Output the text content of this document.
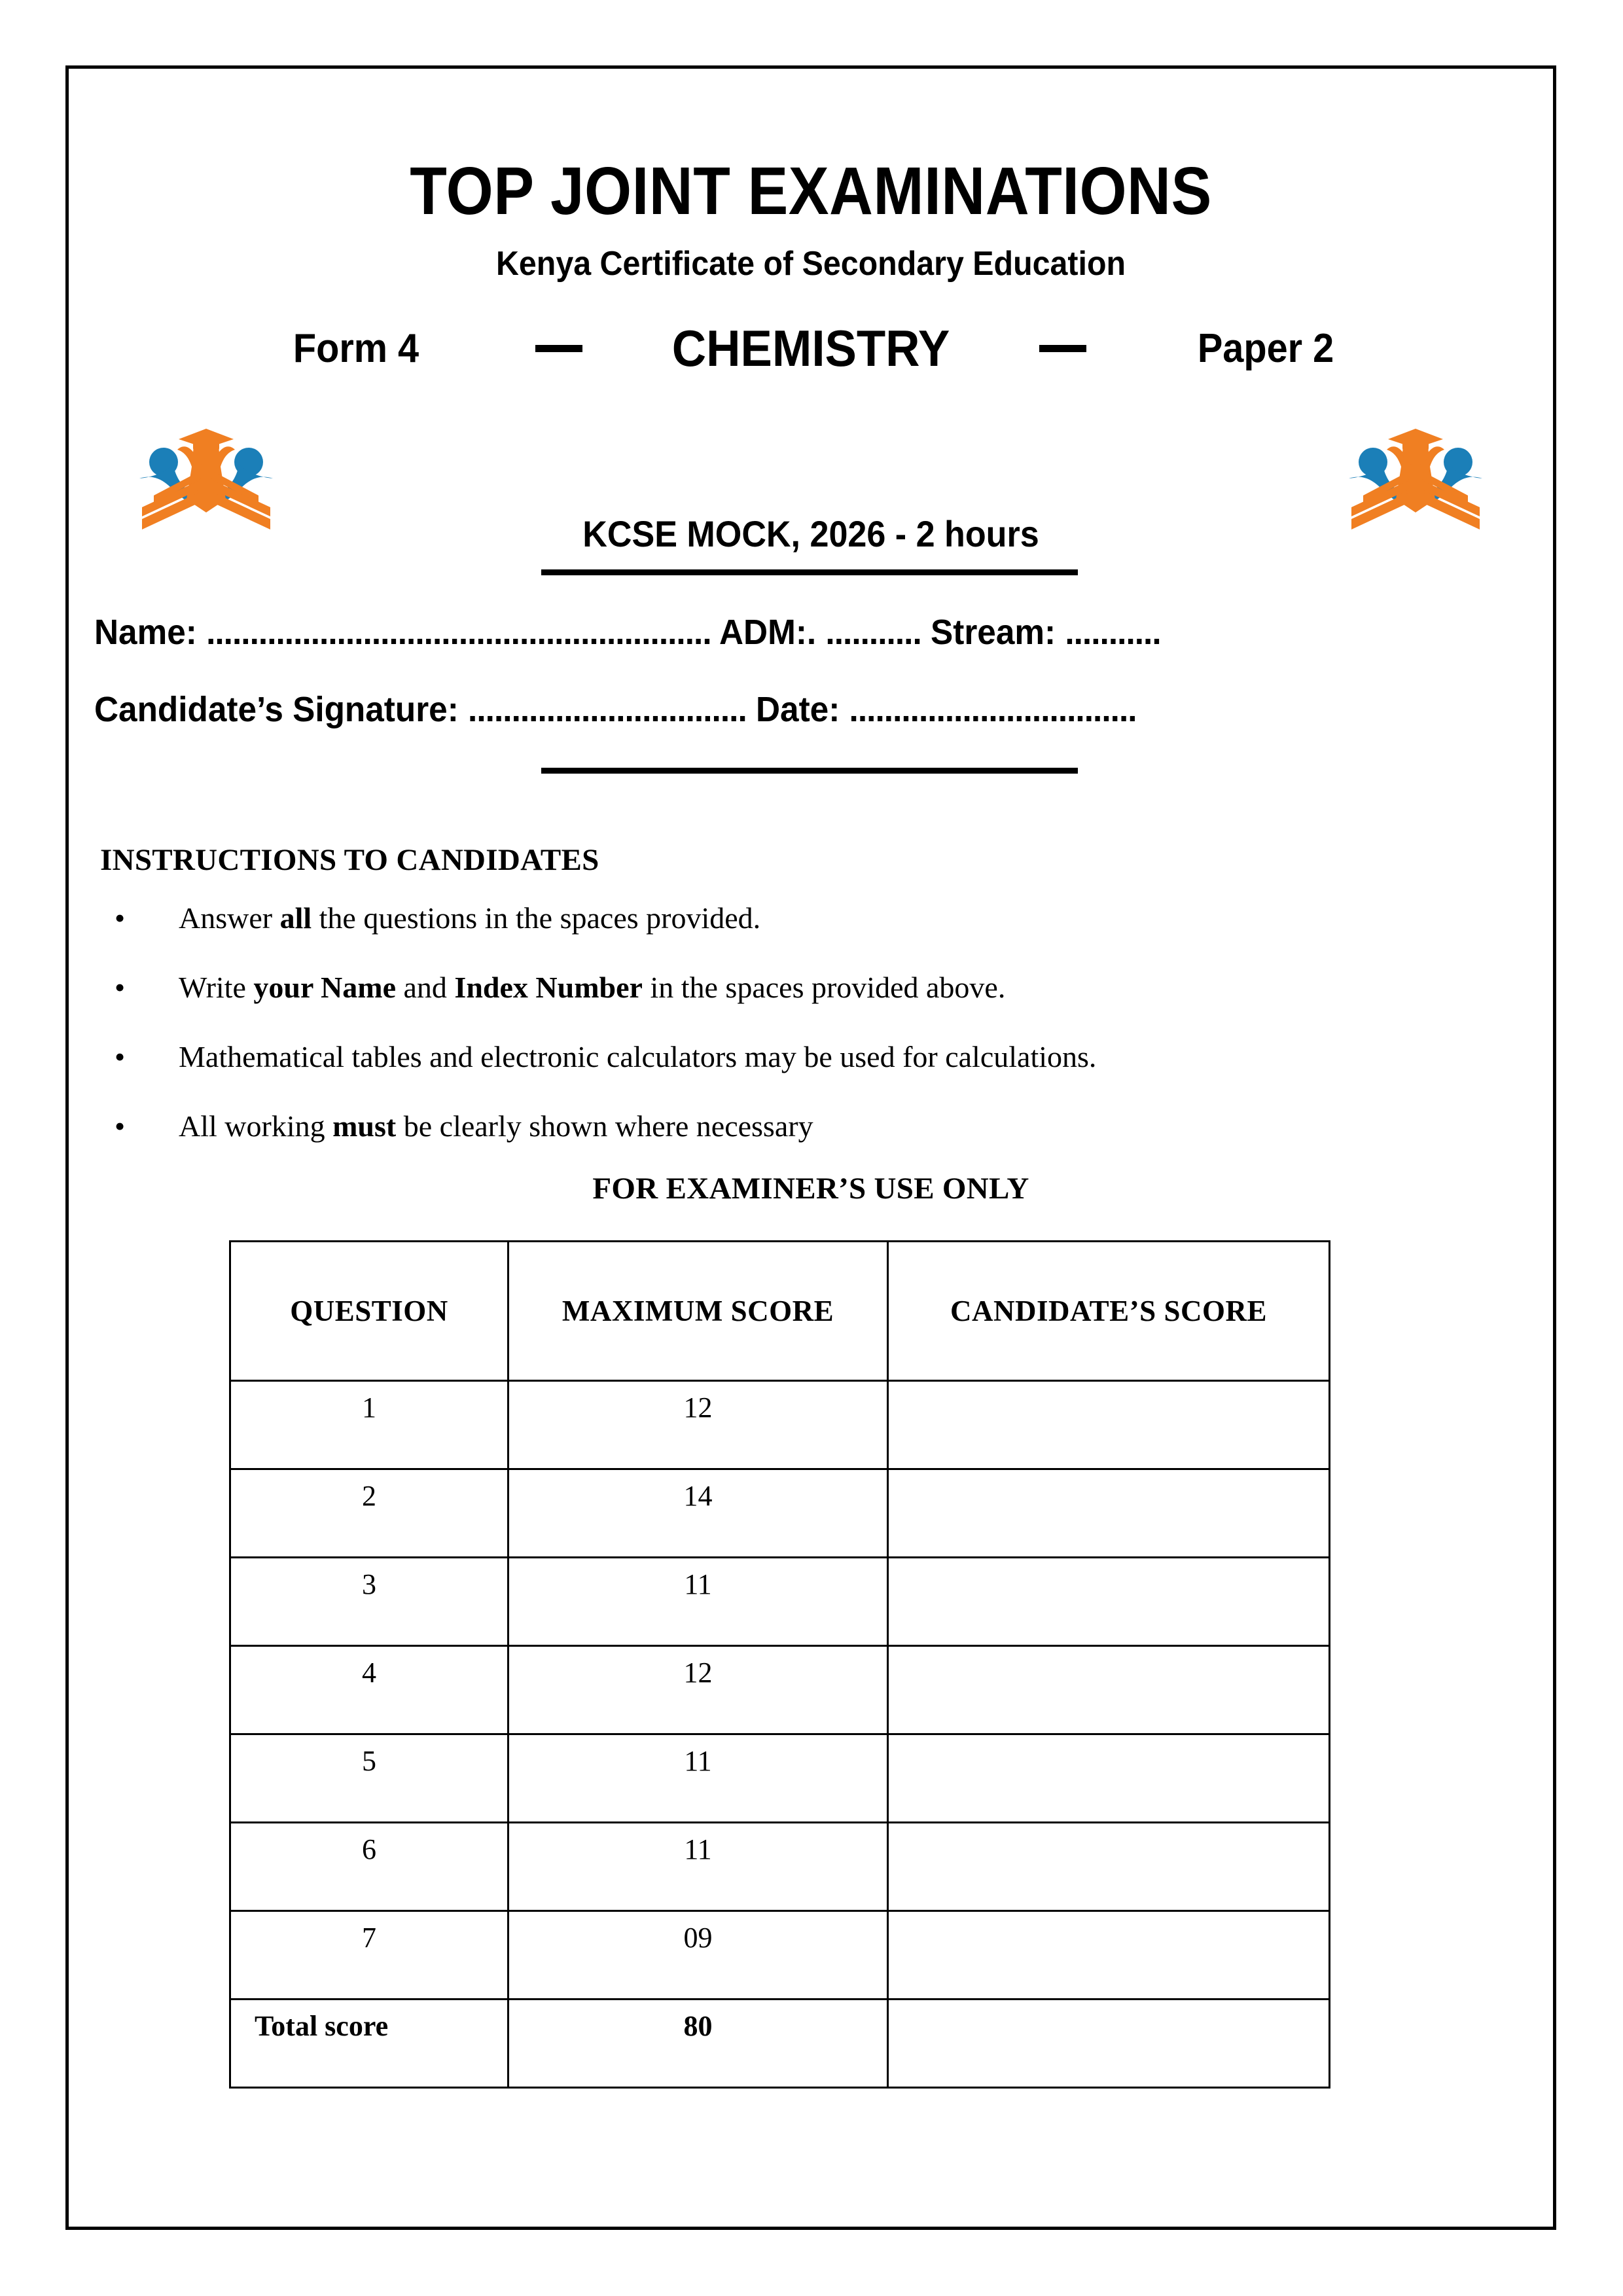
TOP JOINT EXAMINATIONS
Kenya Certificate of Secondary Education
Form 4	CHEMISTRY	Paper 2
KCSE MOCK, 2026 - 2 hours
Name: .......................................................... ADM:. ........... Stream: ...........
Candidate’s Signature: ................................ Date: .................................
INSTRUCTIONS TO CANDIDATES
• Answer all the questions in the spaces provided.
• Write your Name and Index Number in the spaces provided above.
• Mathematical tables and electronic calculators may be used for calculations.
• All working must be clearly shown where necessary
FOR EXAMINER’S USE ONLY
QUESTION	MAXIMUM SCORE	CANDIDATE’S SCORE
1	12	
2	14	
3	11	
4	12	
5	11	
6	11	
7	09	
Total score	80	
